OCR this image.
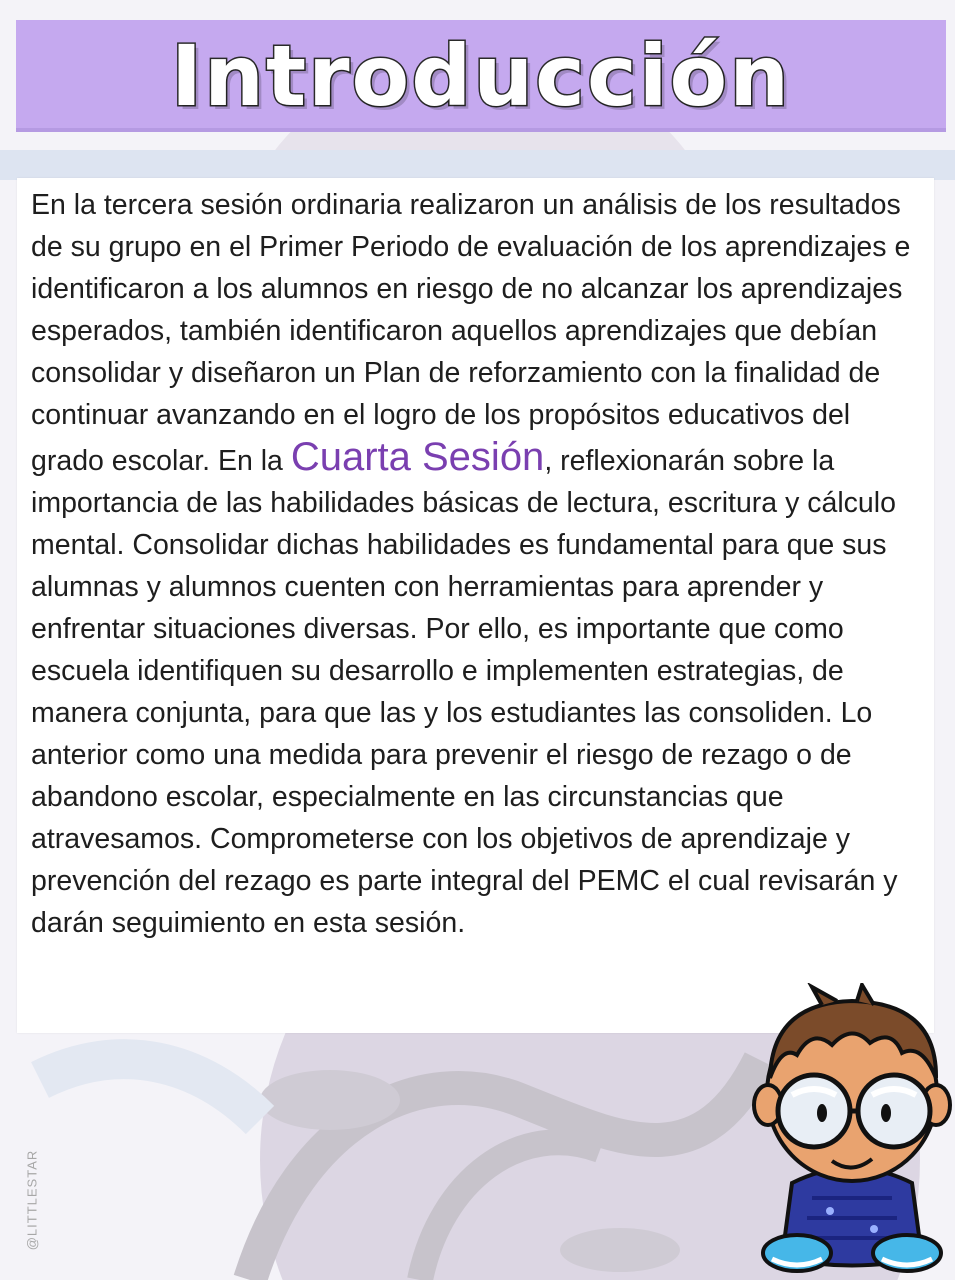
Introducción

En la tercera sesión ordinaria realizaron un análisis de los resultados de su grupo en el Primer Periodo de evaluación de los aprendizajes e identificaron a los alumnos en riesgo de no alcanzar los aprendizajes esperados, también identificaron aquellos aprendizajes que debían consolidar y diseñaron un Plan de reforzamiento con la finalidad de continuar avanzando en el logro de los propósitos educativos del grado escolar. En la Cuarta Sesión, reflexionarán sobre la importancia de las habilidades básicas de lectura, escritura y cálculo mental. Consolidar dichas habilidades es fundamental para que sus alumnas y alumnos cuenten con herramientas para aprender y enfrentar situaciones diversas. Por ello, es importante que como escuela identifiquen su desarrollo e implementen estrategias, de manera conjunta, para que las y los estudiantes las consoliden. Lo anterior como una medida para prevenir el riesgo de rezago o de abandono escolar, especialmente en las circunstancias que atravesamos. Comprometerse con los objetivos de aprendizaje y prevención del rezago es parte integral del PEMC el cual revisarán y darán seguimiento en esta sesión.

@LITTLESTAR
